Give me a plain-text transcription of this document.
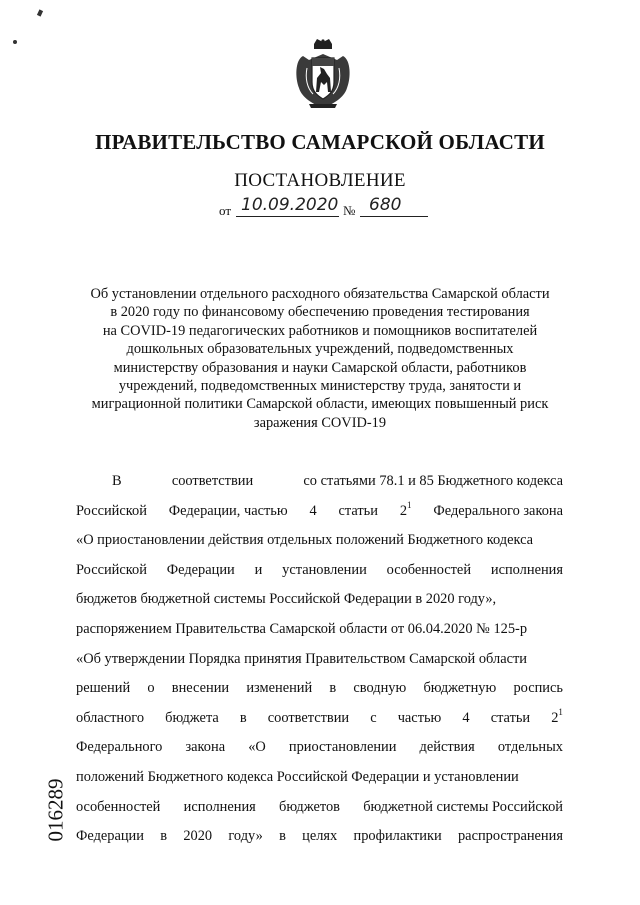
ПРАВИТЕЛЬСТВО САМАРСКОЙ ОБЛАСТИ
ПОСТАНОВЛЕНИЕ
от 10.09.2020 № 680
Об установлении отдельного расходного обязательства Самарской области
в 2020 году по финансовому обеспечению проведения тестирования
на COVID-19 педагогических работников и помощников воспитателей
дошкольных образовательных учреждений, подведомственных
министерству образования и науки Самарской области, работников
учреждений, подведомственных министерству труда, занятости и
миграционной политики Самарской области, имеющих повышенный риск
заражения COVID-19
В	соответствии	со статьями 78.1 и 85 Бюджетного кодекса
Российской Федерации, частью 4 статьи $2^1$ Федерального закона
«О приостановлении действия отдельных положений Бюджетного кодекса
Российской Федерации и установлении особенностей исполнения
бюджетов бюджетной системы Российской Федерации в 2020 году»,
распоряжением Правительства Самарской области от 06.04.2020 № 125-р
«Об утверждении Порядка принятия Правительством Самарской области
решений о внесении изменений в сводную бюджетную роспись
областного бюджета в соответствии с частью 4 статьи $2^1$
Федерального закона «О приостановлении действия отдельных
положений Бюджетного кодекса Российской Федерации и установлении
особенностей исполнения бюджетов бюджетной системы Российской
Федерации в 2020 году» в целях профилактики распространения
016289
